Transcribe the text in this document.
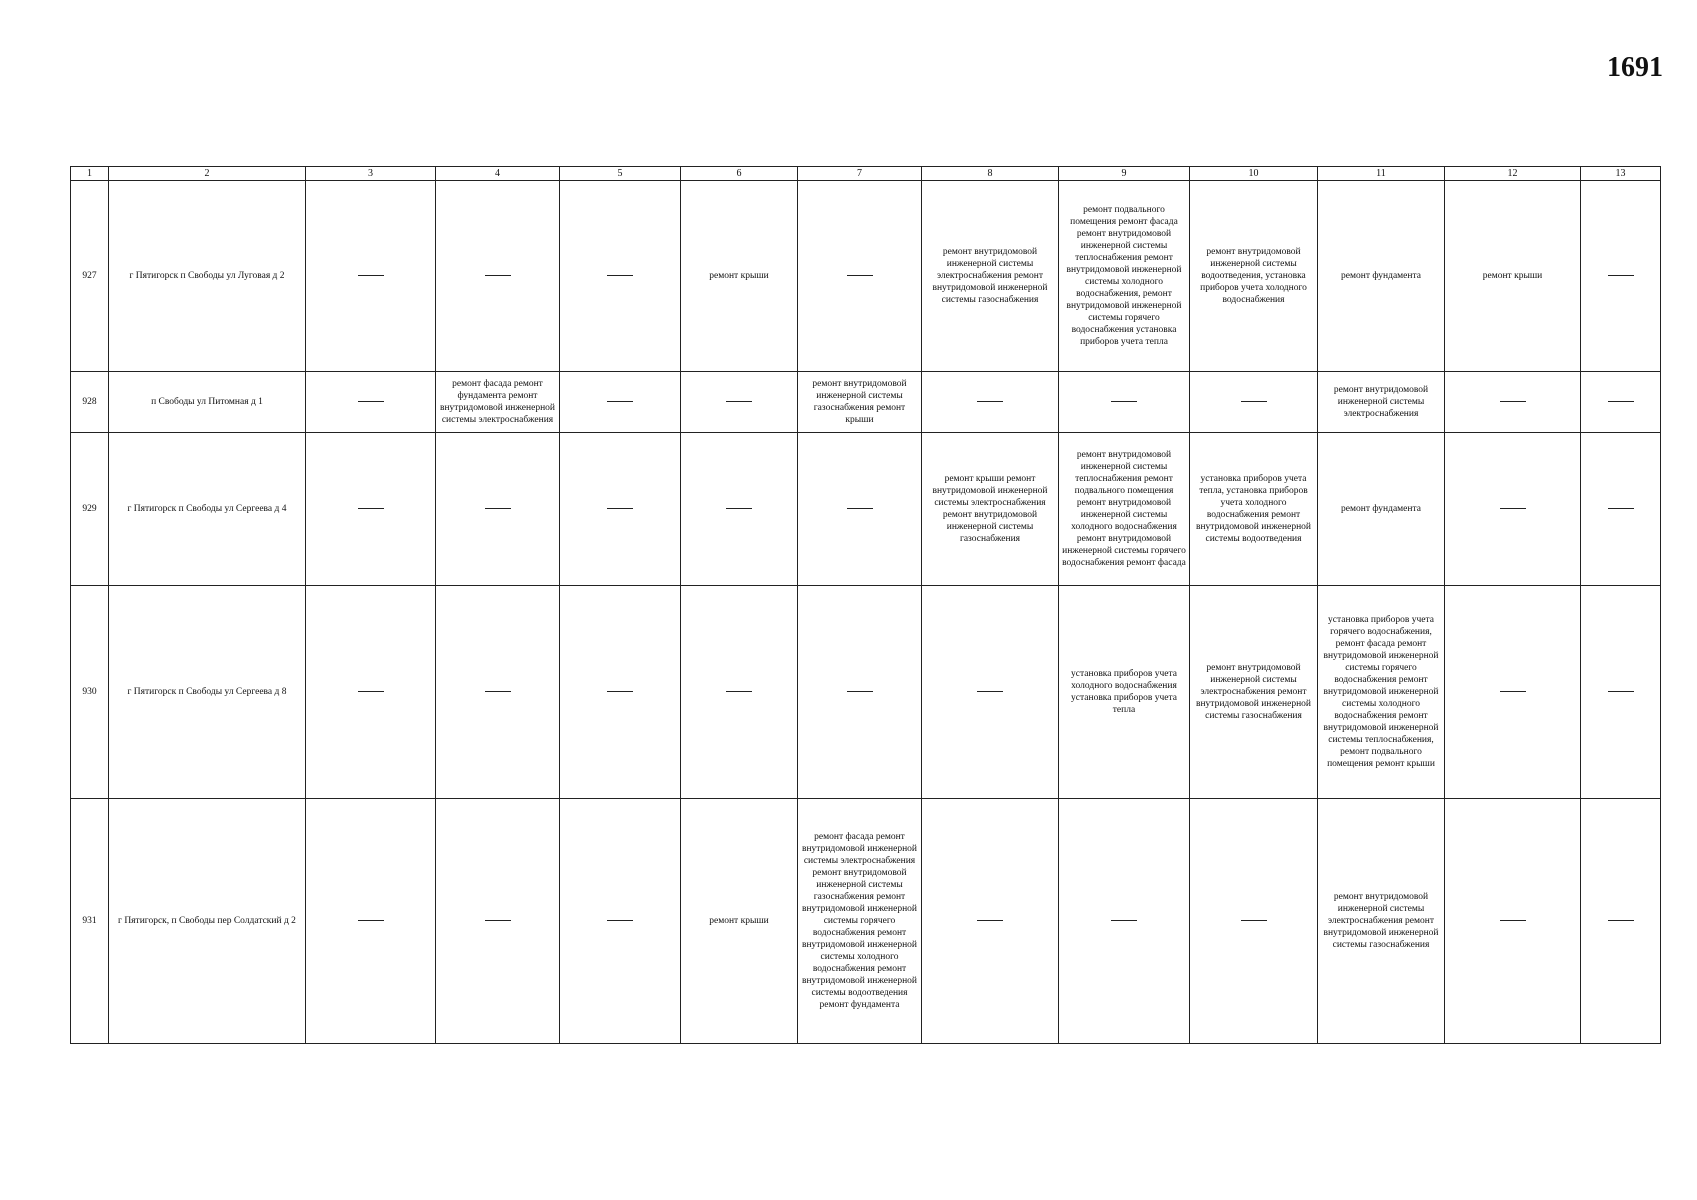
1691
1	2	3	4	5	6	7	8	9	10	11	12	13
927	г Пятигорск п Свободы ул Луговая д 2				ремонт крыши		ремонт внутридомовой инженерной системы электроснабжения ремонт внутридомовой инженерной системы газоснабжения	ремонт подвального помещения ремонт фасада ремонт внутридомовой инженерной системы теплоснабжения ремонт внутридомовой инженерной системы холодного водоснабжения, ремонт внутридомовой инженерной системы горячего водоснабжения установка приборов учета тепла	ремонт внутридомовой инженерной системы водоотведения, установка приборов учета холодного водоснабжения	ремонт фундамента	ремонт крыши	
928	п Свободы ул Питомная д 1		ремонт фасада ремонт фундамента ремонт внутридомовой инженерной системы электроснабжения			ремонт внутридомовой инженерной системы газоснабжения ремонт крыши				ремонт внутридомовой инженерной системы электроснабжения		
929	г Пятигорск п Свободы ул Сергеева д 4						ремонт крыши ремонт внутридомовой инженерной системы электроснабжения ремонт внутридомовой инженерной системы газоснабжения	ремонт внутридомовой инженерной системы теплоснабжения ремонт подвального помещения ремонт внутридомовой инженерной системы холодного водоснабжения ремонт внутридомовой инженерной системы горячего водоснабжения ремонт фасада	установка приборов учета тепла, установка приборов учета холодного водоснабжения ремонт внутридомовой инженерной системы водоотведения	ремонт фундамента		
930	г Пятигорск п Свободы ул Сергеева д 8							установка приборов учета холодного водоснабжения установка приборов учета тепла	ремонт внутридомовой инженерной системы электроснабжения ремонт внутридомовой инженерной системы газоснабжения	установка приборов учета горячего водоснабжения, ремонт фасада ремонт внутридомовой инженерной системы горячего водоснабжения ремонт внутридомовой инженерной системы холодного водоснабжения ремонт внутридомовой инженерной системы теплоснабжения, ремонт подвального помещения ремонт крыши		
931	г Пятигорск, п Свободы пер Солдатский д 2				ремонт крыши	ремонт фасада ремонт внутридомовой инженерной системы электроснабжения ремонт внутридомовой инженерной системы газоснабжения ремонт внутридомовой инженерной системы горячего водоснабжения ремонт внутридомовой инженерной системы холодного водоснабжения ремонт внутридомовой инженерной системы водоотведения ремонт фундамента				ремонт внутридомовой инженерной системы электроснабжения ремонт внутридомовой инженерной системы газоснабжения		
